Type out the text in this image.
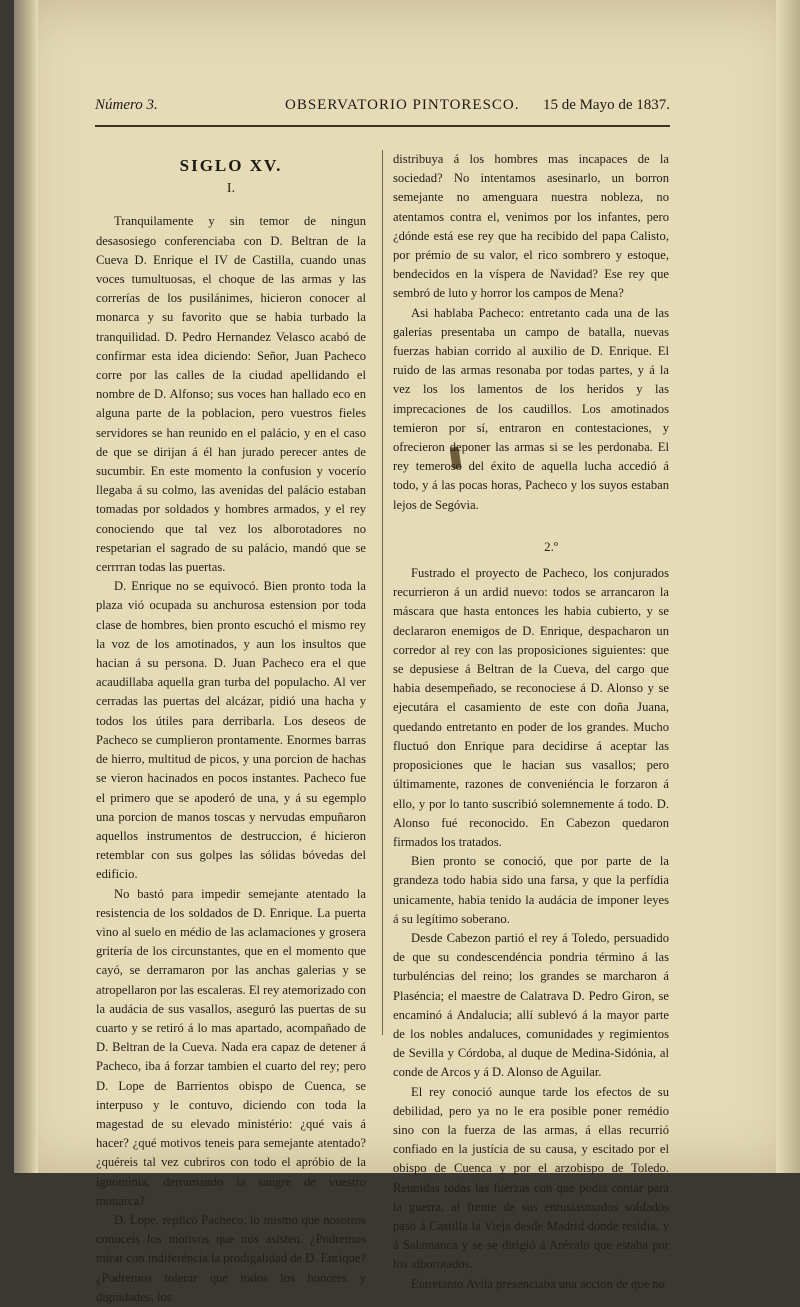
Número 3.	OBSERVATORIO PINTORESCO. 15 de Mayo de 1837.
SIGLO XV.
I.

Tranquilamente y sin temor de ningun desasosiego conferenciaba con D. Beltran de la Cueva D. Enrique el IV de Castilla, cuando unas voces tumultuosas, el choque de las armas y las correrías de los pusilánimes, hicieron conocer al monarca y su favorito que se habia turbado la tranquilidad. D. Pedro Hernandez Velasco acabó de confirmar esta idea diciendo: Señor, Juan Pacheco corre por las calles de la ciudad apellidando el nombre de D. Alfonso; sus voces han hallado eco en alguna parte de la poblacion, pero vuestros fieles servidores se han reunido en el palácio, y en el caso de que se dirijan á él han jurado perecer antes de sucumbir. En este momento la confusion y vocerío llegaba á su colmo, las avenidas del palácio estaban tomadas por soldados y hombres armados, y el rey conociendo que tal vez los alborotadores no respetarian el sagrado de su palácio, mandó que se cerrrran todas las puertas.

D. Enrique no se equivocó. Bien pronto toda la plaza vió ocupada su anchurosa estension por toda clase de hombres, bien pronto escuchó el mismo rey la voz de los amotinados, y aun los insultos que hacian á su persona. D. Juan Pacheco era el que acaudillaba aquella gran turba del populacho. Al ver cerradas las puertas del alcázar, pidió una hacha y todos los útiles para derribarla. Los deseos de Pacheco se cumplieron prontamente. Enormes barras de hierro, multitud de picos, y una porcion de hachas se vieron hacinados en pocos instantes. Pacheco fue el primero que se apoderó de una, y á su egemplo una porcion de manos toscas y nervudas empuñaron aquellos instrumentos de destruccion, é hicieron retemblar con sus golpes las sólidas bóvedas del edificio.

No bastó para impedir semejante atentado la resistencia de los soldados de D. Enrique. La puerta vino al suelo en médio de las aclamaciones y grosera gritería de los circunstantes, que en el momento que cayó, se derramaron por las anchas galerias y se atropellaron por las escaleras. El rey atemorizado con la audácia de sus vasallos, aseguró las puertas de su cuarto y se retiró á lo mas apartado, acompañado de D. Beltran de la Cueva. Nada era capaz de detener á Pacheco, iba á forzar tambien el cuarto del rey; pero D. Lope de Barrientos obispo de Cuenca, se interpuso y le contuvo, diciendo con toda la magestad de su elevado ministério: ¿qué vais á hacer? ¿qué motivos teneis para semejante atentado? ¿quéreis tal vez cubriros con todo el apróbio de la ignominia, derramando la sangre de vuestro monarca?

D. Lope, replicó Pacheco, lo mismo que nosotros conoceis los motivos que nos asisten. ¿Podremos mirar con indiferéncia la prodigalidad de D. Enrique? ¿Podremos tolerar que todos los honores y dignidades, los

distribuya á los hombres mas incapaces de la sociedad? No intentamos asesinarlo, un borron semejante no amenguara nuestra nobleza, no atentamos contra el, venimos por los infantes, pero ¿dónde está ese rey que ha recibido del papa Calisto, por prémio de su valor, el rico sombrero y estoque, bendecidos en la víspera de Navidad? Ese rey que sembró de luto y horror los campos de Mena?

Asi hablaba Pacheco: entretanto cada una de las galerias presentaba un campo de batalla, nuevas fuerzas habian corrido al auxilio de D. Enrique. El ruido de las armas resonaba por todas partes, y á la vez los los lamentos de los heridos y las imprecaciones de los caudillos. Los amotinados temieron por sí, entraron en contestaciones, y ofrecieron deponer las armas si se les perdonaba. El rey temeroso del éxito de aquella lucha accedió á todo, y á las pocas horas, Pacheco y los suyos estaban lejos de Segóvia.

2.º

Fustrado el proyecto de Pacheco, los conjurados recurrieron á un ardid nuevo: todos se arrancaron la máscara que hasta entonces les habia cubierto, y se declararon enemigos de D. Enrique, despacharon un corredor al rey con las proposiciones siguientes: que se depusiese á Beltran de la Cueva, del cargo que habia desempeñado, se reconociese á D. Alonso y se ejecutára el casamiento de este con doña Juana, quedando entretanto en poder de los grandes. Mucho fluctuó don Enrique para decidirse á aceptar las proposiciones que le hacian sus vasallos; pero últimamente, razones de conveniéncia le forzaron á ello, y por lo tanto suscribió solemnemente á todo. D. Alonso fué reconocido. En Cabezon quedaron firmados los tratados.

Bien pronto se conoció, que por parte de la grandeza todo habia sido una farsa, y que la perfídia unicamente, habia tenido la audácia de imponer leyes á su legítimo soberano.

Desde Cabezon partió el rey á Toledo, persuadido de que su condescendéncia pondria término á las turbuléncias del reino; los grandes se marcharon á Plaséncia; el maestre de Calatrava D. Pedro Giron, se encaminó á Andalucia; allí sublevó á la mayor parte de los nobles andaluces, comunidades y regimientos de Sevilla y Córdoba, al duque de Medina-Sidónia, al conde de Arcos y á D. Alonso de Aguilar.

El rey conoció aunque tarde los efectos de su debilidad, pero ya no le era posible poner remédio sino con la fuerza de las armas, á ellas recurrió confiado en la justícia de su causa, y escitado por el obispo de Cuenca y por el arzobispo de Toledo. Reunidas todas las fuerzas con que podia contar para la guerra, al frente de sus entusiasmados soldados pasó á Castilla la Vieja desde Madrid donde residia, y á Salamanca y se se dirigió á Arévalo que estaba por los alborotados.

Entretanto Avila presenciaba una accion de que no
